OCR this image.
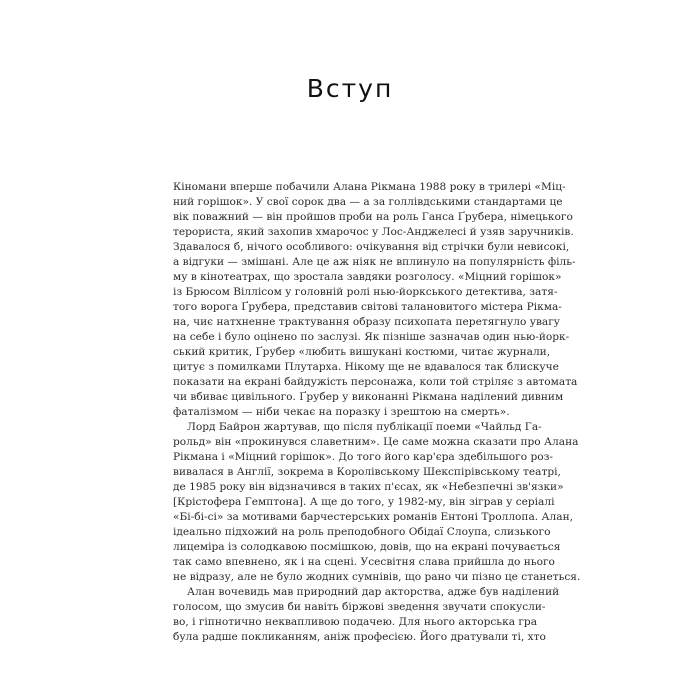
Вступ
Кіномани вперше побачили Алана Рікмана 1988 року в трилері «Міц-
ний горішок». У свої сорок два — а за голлівдськими стандартами це
вік поважний — він пройшов проби на роль Ганса Ґрубера, німецького
терориста, який захопив хмарочос у Лос-Анджелесі й узяв заручників.
Здавалося б, нічого особливого: очікування від стрічки були невисокі,
а відгуки — змішані. Але це аж ніяк не вплинуло на популярність філь-
му в кінотеатрах, що зростала завдяки розголосу. «Міцний горішок»
із Брюсом Віллісом у головній ролі нью-йоркського детектива, затя-
того ворога Ґрубера, представив світові талановитого містера Рікма-
на, чиє натхненне трактування образу психопата перетягнуло увагу
на себе і було оцінено по заслузі. Як пізніше зазначав один нью-йорк-
ський критик, Ґрубер «любить вишукані костюми, читає журнали,
цитує з помилками Плутарха. Нікому ще не вдавалося так блискуче
показати на екрані байдужість персонажа, коли той стріляє з автомата
чи вбиває цивільного. Ґрубер у виконанні Рікмана наділений дивним
фаталізмом — ніби чекає на поразку і зрештою на смерть».
Лорд Байрон жартував, що після публікації поеми «Чайльд Га-
рольд» він «прокинувся славетним». Це саме можна сказати про Алана
Рікмана і «Міцний горішок». До того його кар'єра здебільшого роз-
вивалася в Англії, зокрема в Королівському Шекспірівському театрі,
де 1985 року він відзначився в таких п'єсах, як «Небезпечні зв'язки»
[Крістофера Гемптона]. А ще до того, у 1982-му, він зіграв у серіалі
«Бі-бі-сі» за мотивами барчестерських романів Ентоні Троллопа. Алан,
ідеально підхожий на роль преподобного Обідаї Слоупа, слизького
лицеміра із солодкавою посмішкою, довів, що на екрані почувається
так само впевнено, як і на сцені. Усесвітня слава прийшла до нього
не відразу, але не було жодних сумнівів, що рано чи пізно це станеться.
Алан вочевидь мав природний дар акторства, адже був наділений
голосом, що змусив би навіть біржові зведення звучати спокусли-
во, і гіпнотично неквапливою подачею. Для нього акторська гра
була радше покликанням, аніж професією. Його дратували ті, хто
